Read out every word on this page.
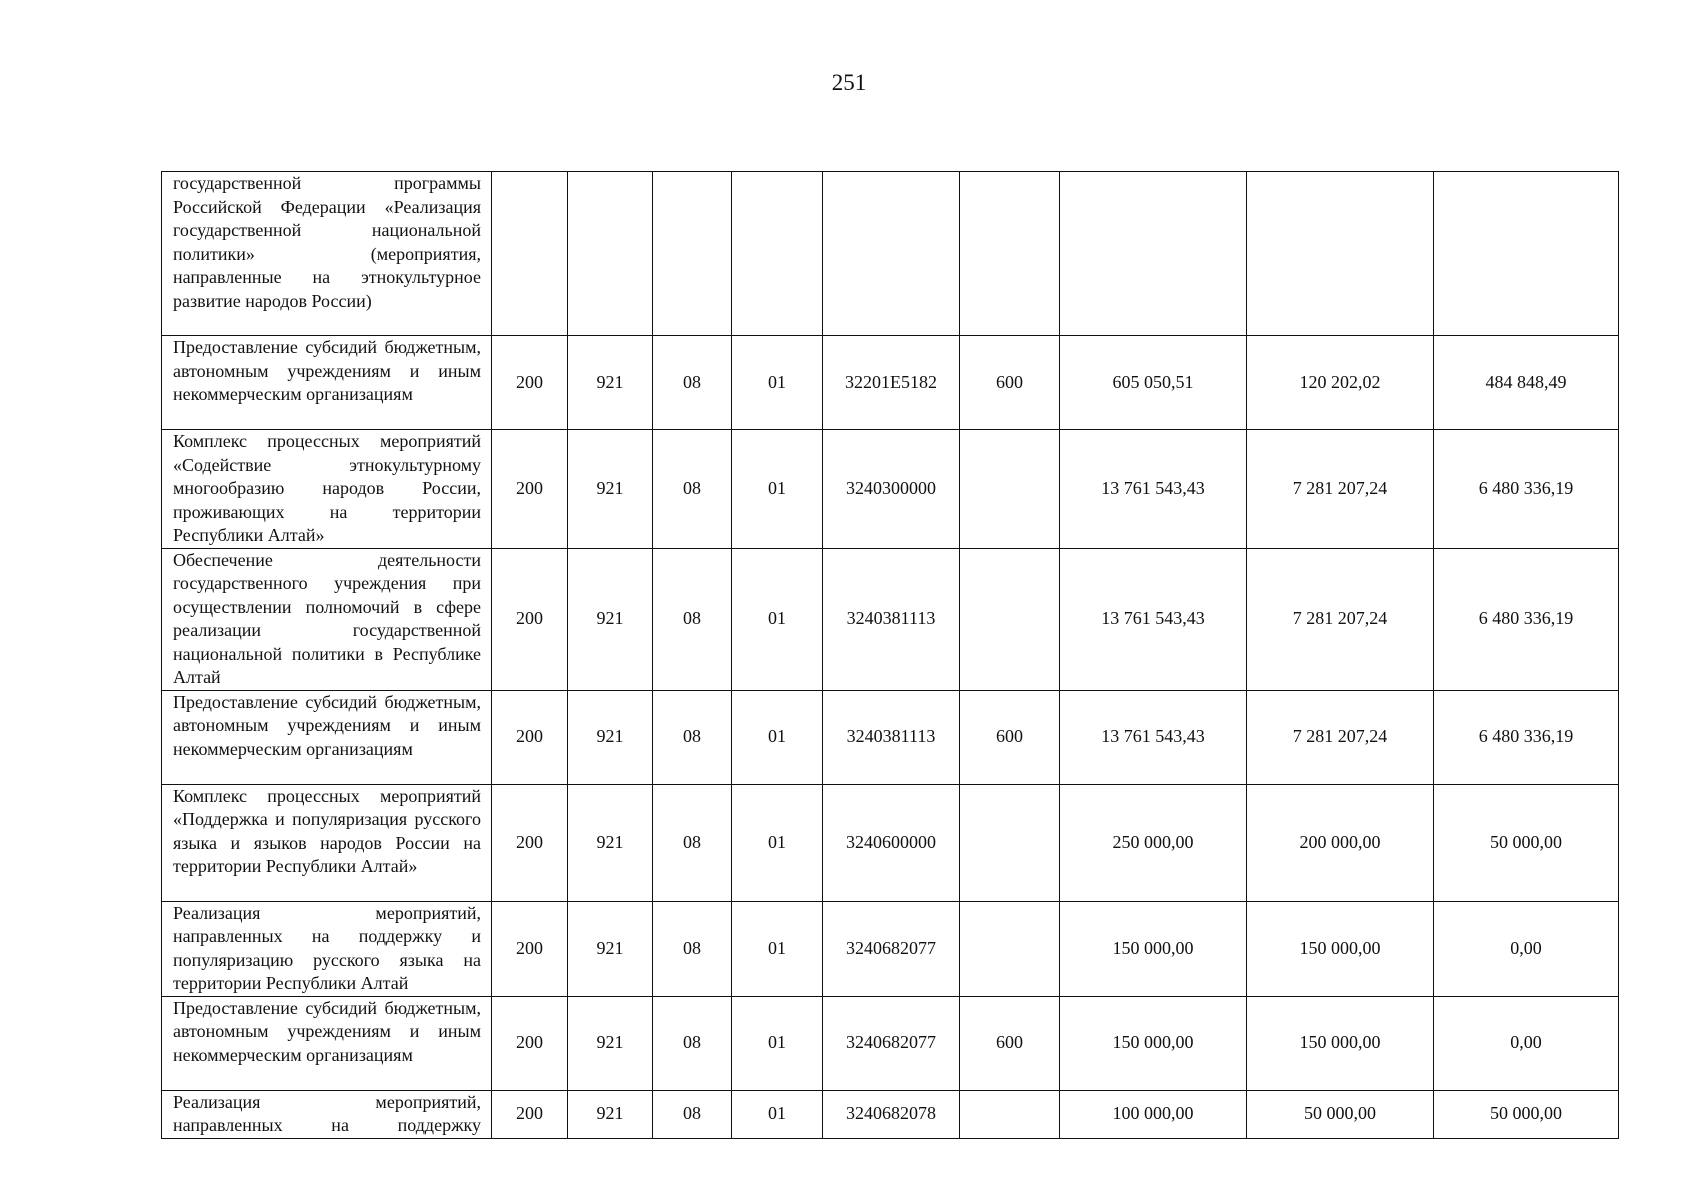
251
государственной программы Российской Федерации «Реализация государственной национальной политики» (мероприятия, направленные на этнокультурное развитие народов России)									

Предоставление субсидий бюджетным, автономным учреждениям и иным некоммерческим организациям	200	921	08	01	32201E5182	600	605 050,51	120 202,02	484 848,49

Комплекс процессных мероприятий «Содействие этнокультурному многообразию народов России, проживающих на территории Республики Алтай»	200	921	08	01	3240300000		13 761 543,43	7 281 207,24	6 480 336,19

Обеспечение деятельности государственного учреждения при осуществлении полномочий в сфере реализации государственной национальной политики в Республике Алтай	200	921	08	01	3240381113		13 761 543,43	7 281 207,24	6 480 336,19

Предоставление субсидий бюджетным, автономным учреждениям и иным некоммерческим организациям	200	921	08	01	3240381113	600	13 761 543,43	7 281 207,24	6 480 336,19

Комплекс процессных мероприятий «Поддержка и популяризация русского языка и языков народов России на территории Республики Алтай»	200	921	08	01	3240600000		250 000,00	200 000,00	50 000,00

Реализация мероприятий, направленных на поддержку и популяризацию русского языка на территории Республики Алтай	200	921	08	01	3240682077		150 000,00	150 000,00	0,00

Предоставление субсидий бюджетным, автономным учреждениям и иным некоммерческим организациям	200	921	08	01	3240682077	600	150 000,00	150 000,00	0,00

Реализация мероприятий, направленных на поддержку	200	921	08	01	3240682078		100 000,00	50 000,00	50 000,00
